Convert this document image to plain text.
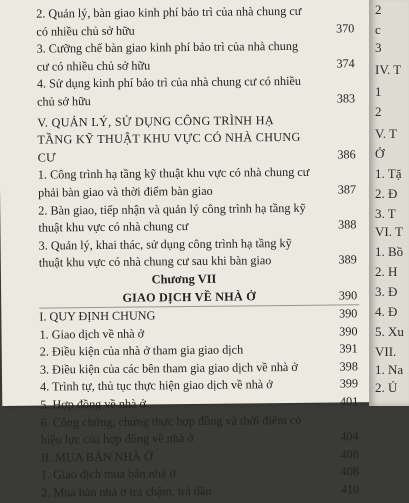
2. Quản lý, bàn giao kinh phí bảo trì của nhà chung cư có nhiều chủ sở hữu	370
3. Cưỡng chế bàn giao kinh phí bảo trì của nhà chung cư có nhiều chủ sở hữu	374
4. Sử dụng kinh phí bảo trì của nhà chung cư có nhiều chủ sở hữu	383
V. QUẢN LÝ, SỬ DỤNG CÔNG TRÌNH HẠ TẦNG KỸ THUẬT KHU VỰC CÓ NHÀ CHUNG CƯ	386
1. Công trình hạ tầng kỹ thuật khu vực có nhà chung cư phải bàn giao và thời điểm bàn giao	387
2. Bàn giao, tiếp nhận và quản lý công trình hạ tầng kỹ thuật khu vực có nhà chung cư	388
3. Quản lý, khai thác, sử dụng công trình hạ tầng kỹ thuật khu vực có nhà chung cư sau khi bàn giao	389
Chương VII
GIAO DỊCH VỀ NHÀ Ở	390
I. QUY ĐỊNH CHUNG	390
1. Giao dịch về nhà ở	390
2. Điều kiện của nhà ở tham gia giao dịch	391
3. Điều kiện của các bên tham gia giao dịch về nhà ở	398
4. Trình tự, thủ tục thực hiện giao dịch về nhà ở	399
5. Hợp đồng về nhà ở	401
6. Công chứng, chứng thực hợp đồng và thời điểm có hiệu lực của hợp đồng về nhà ở	404
II. MUA BÁN NHÀ Ở	408
1. Giao dịch mua bán nhà ở	408
2. Mua bán nhà ở trả chậm, trả dần	410
2
c
3
IV. T
1
2
V. T
Ở
1. Tặ
2. Đ
3. T
VI. T
1. Bồ
2. H
3. Đ
4. Đ
5. Xu
VII.
1. Na
2. Ủ
